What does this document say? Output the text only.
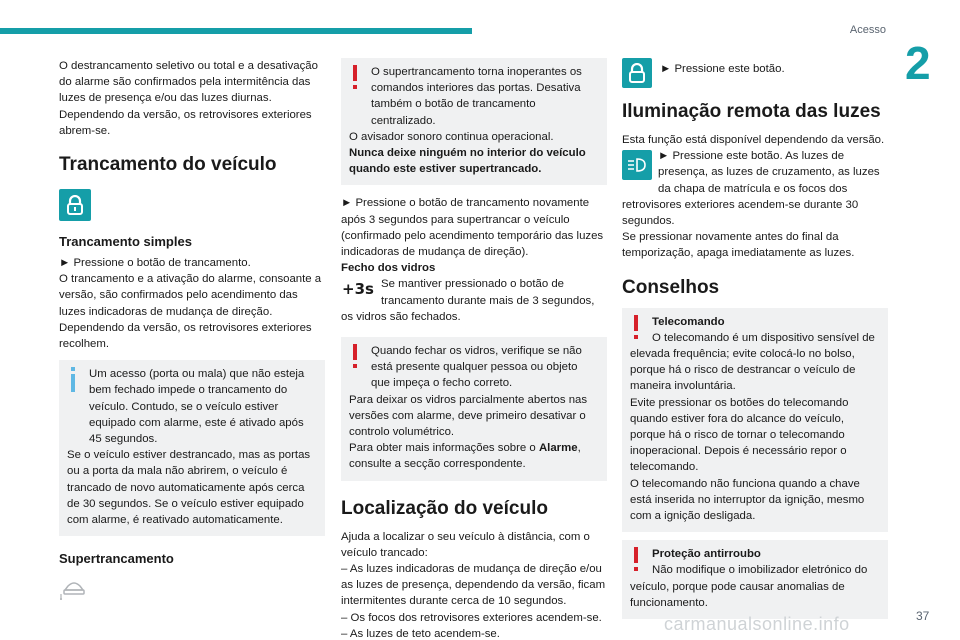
Acesso
2

O destrancamento seletivo ou total e a desativação do alarme são confirmados pela intermitência das luzes de presença e/ou das luzes diurnas.

Dependendo da versão, os retrovisores exteriores abrem-se.

Trancamento do veículo
Trancamento simples

► Pressione o botão de trancamento.

O trancamento e a ativação do alarme, consoante a versão, são confirmados pelo acendimento das luzes indicadoras de mudança de direção.

Dependendo da versão, os retrovisores exteriores recolhem.

Um acesso (porta ou mala) que não esteja bem fechado impede o trancamento do veículo. Contudo, se o veículo estiver equipado com alarme, este é ativado após 45 segundos.

Se o veículo estiver destrancado, mas as portas ou a porta da mala não abrirem, o veículo é trancado de novo automaticamente após cerca de 30 segundos. Se o veículo estiver equipado com alarme, é reativado automaticamente.

Supertrancamento

O supertrancamento torna inoperantes os comandos interiores das portas. Desativa também o botão de trancamento centralizado.

O avisador sonoro continua operacional.

Nunca deixe ninguém no interior do veículo quando este estiver supertrancado.

► Pressione o botão de trancamento novamente após 3 segundos para supertrancar o veículo (confirmado pelo acendimento temporário das luzes indicadoras de mudança de direção).

Fecho dos vidros

+3s Se mantiver pressionado o botão de trancamento durante mais de 3 segundos, os vidros são fechados.

Quando fechar os vidros, verifique se não está presente qualquer pessoa ou objeto que impeça o fecho correto.

Para deixar os vidros parcialmente abertos nas versões com alarme, deve primeiro desativar o controlo volumétrico.

Para obter mais informações sobre o Alarme, consulte a secção correspondente.

Localização do veículo

Ajuda a localizar o seu veículo à distância, com o veículo trancado:

– As luzes indicadoras de mudança de direção e/ou as luzes de presença, dependendo da versão, ficam intermitentes durante cerca de 10 segundos.

– Os focos dos retrovisores exteriores acendem-se.

– As luzes de teto acendem-se.

► Pressione este botão.

Iluminação remota das luzes

Esta função está disponível dependendo da versão.

► Pressione este botão. As luzes de presença, as luzes de cruzamento, as luzes da chapa de matrícula e os focos dos retrovisores exteriores acendem-se durante 30 segundos.

Se pressionar novamente antes do final da temporização, apaga imediatamente as luzes.

Conselhos

Telecomando

O telecomando é um dispositivo sensível de elevada frequência; evite colocá-lo no bolso, porque há o risco de destrancar o veículo de maneira involuntária.

Evite pressionar os botões do telecomando quando estiver fora do alcance do veículo, porque há o risco de tornar o telecomando inoperacional. Depois é necessário repor o telecomando.

O telecomando não funciona quando a chave está inserida no interruptor da ignição, mesmo com a ignição desligada.

Proteção antirroubo

Não modifique o imobilizador eletrónico do veículo, porque pode causar anomalias de funcionamento.

carmanualsonline.info	37
